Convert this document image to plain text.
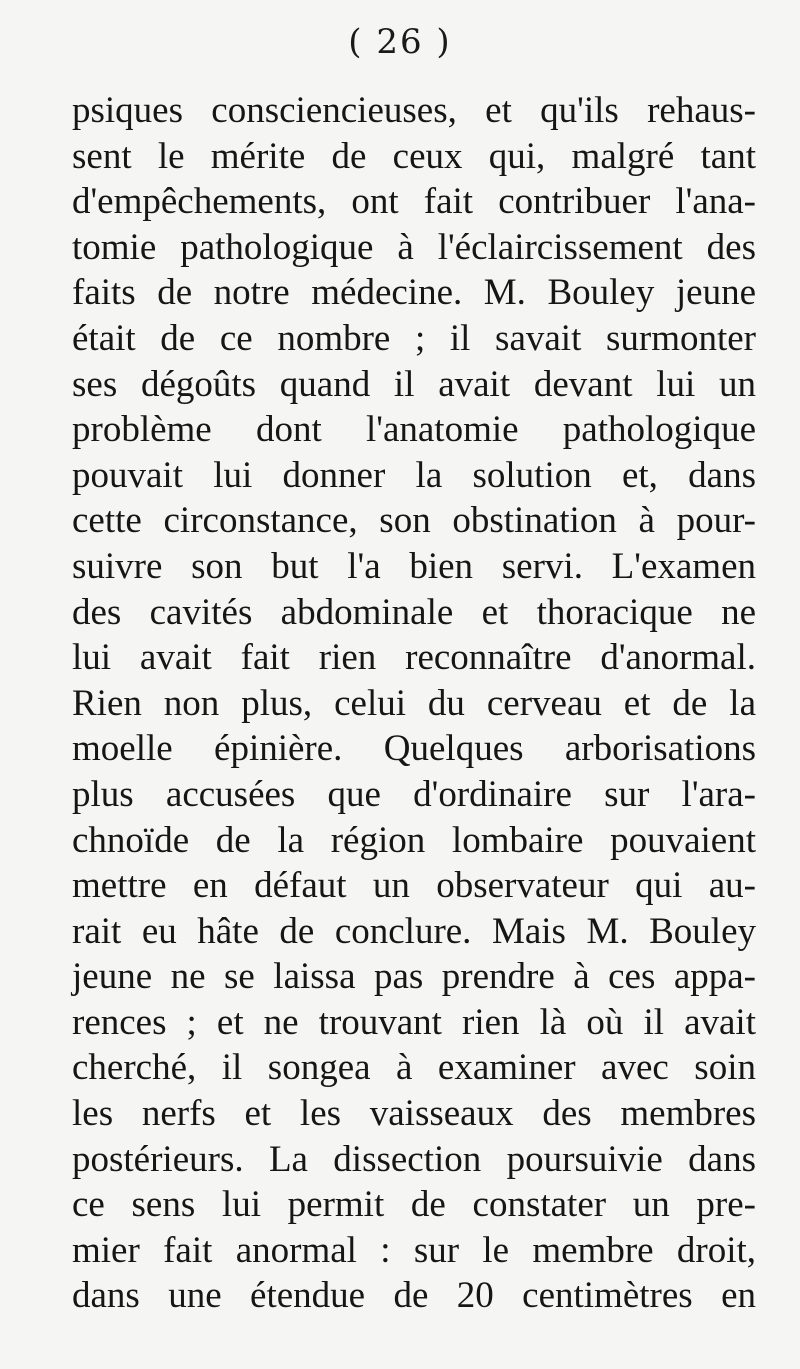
( 26 )
psiques consciencieuses, et qu'ils rehaus-
sent le mérite de ceux qui, malgré tant
d'empêchements, ont fait contribuer l'ana-
tomie pathologique à l'éclaircissement des
faits de notre médecine. M. Bouley jeune
était de ce nombre ; il savait surmonter
ses dégoûts quand il avait devant lui un
problème dont l'anatomie pathologique
pouvait lui donner la solution et, dans
cette circonstance, son obstination à pour-
suivre son but l'a bien servi. L'examen
des cavités abdominale et thoracique ne
lui avait fait rien reconnaître d'anormal.
Rien non plus, celui du cerveau et de la
moelle épinière. Quelques arborisations
plus accusées que d'ordinaire sur l'ara-
chnoïde de la région lombaire pouvaient
mettre en défaut un observateur qui au-
rait eu hâte de conclure. Mais M. Bouley
jeune ne se laissa pas prendre à ces appa-
rences ; et ne trouvant rien là où il avait
cherché, il songea à examiner avec soin
les nerfs et les vaisseaux des membres
postérieurs. La dissection poursuivie dans
ce sens lui permit de constater un pre-
mier fait anormal : sur le membre droit,
dans une étendue de 20 centimètres en
